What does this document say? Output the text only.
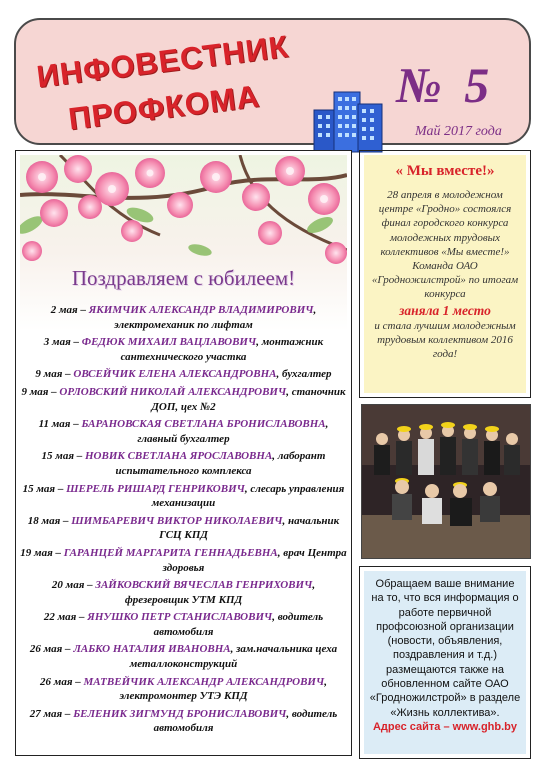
ИНФОВЕСТНИК
ПРОФКОМА	№ 5
Май 2017 года
Поздравляем с юбилеем!
2 мая – ЯКИМЧИК АЛЕКСАНДР ВЛАДИМИРОВИЧ, электромеханик по лифтам
3 мая – ФЕДЮК МИХАИЛ ВАЦЛАВОВИЧ, монтажник сантехнического участка
9 мая – ОВСЕЙЧИК ЕЛЕНА АЛЕКСАНДРОВНА, бухгалтер
9 мая – ОРЛОВСКИЙ НИКОЛАЙ АЛЕКСАНДРОВИЧ, станочник ДОП, цех №2
11 мая – БАРАНОВСКАЯ СВЕТЛАНА БРОНИСЛАВОВНА, главный бухгалтер
15 мая – НОВИК СВЕТЛАНА ЯРОСЛАВОВНА, лаборант испытательного комплекса
15 мая – ШЕРЕЛЬ РИШАРД ГЕНРИКОВИЧ, слесарь управления механизации
18 мая – ШИМБАРЕВИЧ ВИКТОР НИКОЛАЕВИЧ, начальник ГСЦ КПД
19 мая – ГАРАНЦЕЙ МАРГАРИТА ГЕННАДЬЕВНА, врач Центра здоровья
20 мая – ЗАЙКОВСКИЙ ВЯЧЕСЛАВ ГЕНРИХОВИЧ, фрезеровщик УТМ КПД
22 мая – ЯНУШКО ПЕТР СТАНИСЛАВОВИЧ, водитель автомобиля
26 мая – ЛАБКО НАТАЛИЯ ИВАНОВНА, зам.начальника цеха металлоконструкций
26 мая – МАТВЕЙЧИК АЛЕКСАНДР АЛЕКСАНДРОВИЧ, электромонтер УТЭ КПД
27 мая – БЕЛЕНИК ЗИГМУНД БРОНИСЛАВОВИЧ, водитель автомобиля
« Мы вместе!»
28 апреля в молодежном центре «Гродно» состоялся финал городского конкурса молодежных трудовых коллективов «Мы вместе!» Команда ОАО «Гродножилстрой» по итогам конкурса
заняла 1 место
и стала лучшим молодежным трудовым коллективом 2016 года!
Обращаем ваше внимание на то, что вся информация о работе первичной профсоюзной организации (новости, объявления, поздравления и т.д.) размещаются также на обновленном сайте ОАО «Гродножилстрой» в разделе «Жизнь коллектива».
Адрес сайта – www.ghb.by
